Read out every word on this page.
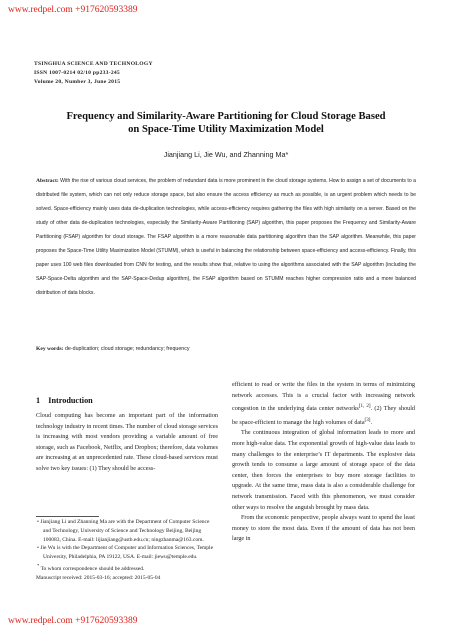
www.redpel.com +917620593389
TSINGHUA SCIENCE AND TECHNOLOGY
ISSN 1007-0214 02/10 pp233-245
Volume 20, Number 3, June 2015
Frequency and Similarity-Aware Partitioning for Cloud Storage Based
on Space-Time Utility Maximization Model
Jianjiang Li, Jie Wu, and Zhanning Ma*
Abstract: With the rise of various cloud services, the problem of redundant data is more prominent in the cloud storage systems. How to assign a set of documents to a distributed file system, which can not only reduce storage space, but also ensure the access efficiency as much as possible, is an urgent problem which needs to be solved. Space-efficiency mainly uses data de-duplication technologies, while access-efficiency requires gathering the files with high similarity on a server. Based on the study of other data de-duplication technologies, especially the Similarity-Aware Partitioning (SAP) algorithm, this paper proposes the Frequency and Similarity-Aware Partitioning (FSAP) algorithm for cloud storage. The FSAP algorithm is a more reasonable data partitioning algorithm than the SAP algorithm. Meanwhile, this paper proposes the Space-Time Utility Maximization Model (STUMM), which is useful in balancing the relationship between space-efficiency and access-efficiency. Finally, this paper uses 100 web files downloaded from CNN for testing, and the results show that, relative to using the algorithms associated with the SAP algorithm (including the SAP-Space-Delta algorithm and the SAP-Space-Dedup algorithm), the FSAP algorithm based on STUMM reaches higher compression ratio and a more balanced distribution of data blocks.
Key words: de-duplication; cloud storage; redundancy; frequency
1 Introduction

Cloud computing has become an important part of the information technology industry in recent times. The number of cloud storage services is increasing with most vendors providing a variable amount of free storage, such as Facebook, Netflix, and Dropbox; therefore, data volumes are increasing at an unprecedented rate. These cloud-based services must solve two key issues: (1) They should be access-

• Jianjiang Li and Zhanning Ma are with the Department of Computer Science and Technology, University of Science and Technology Beijing, Beijing 100083, China. E-mail: lijianjiang@ustb.edu.cn; ningzhanma@163.com.
• Jie Wu is with the Department of Computer and Information Sciences, Temple University, Philadelphia, PA 19122, USA. E-mail: jiewu@temple.edu.
* To whom correspondence should be addressed.
Manuscript received: 2015-03-16; accepted: 2015-05-04

efficient to read or write the files in the system in terms of minimizing network accesses. This is a crucial factor with increasing network congestion in the underlying data center networks[1, 2]. (2) They should be space-efficient to manage the high volumes of data[3].

The continuous integration of global information leads to more and more high-value data. The exponential growth of high-value data leads to many challenges to the enterprise’s IT departments. The explosive data growth tends to consume a large amount of storage space of the data center, then forces the enterprises to buy more storage facilities to upgrade. At the same time, mass data is also a considerable challenge for network transmission. Faced with this phenomenon, we must consider other ways to resolve the anguish brought by mass data.

From the economic perspective, people always want to spend the least money to store the most data. Even if the amount of data has not been large in

www.redpel.com +917620593389
